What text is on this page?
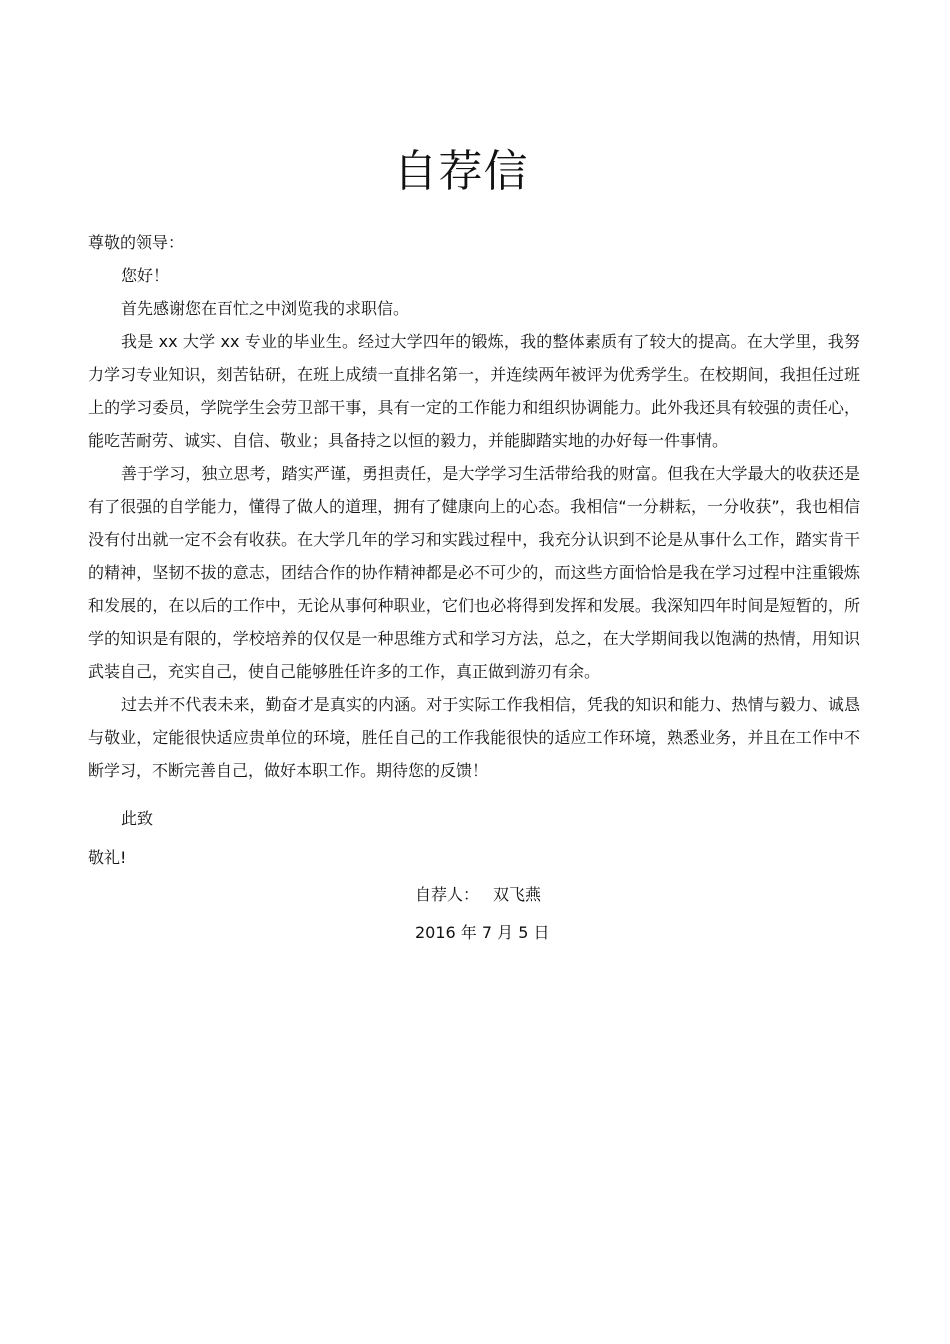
自荐信

尊敬的领导：

您好！

首先感谢您在百忙之中浏览我的求职信。

我是 xx 大学 xx 专业的毕业生。经过大学四年的锻炼，我的整体素质有了较大的提高。在大学里，我努力学习专业知识，刻苦钻研，在班上成绩一直排名第一，并连续两年被评为优秀学生。在校期间，我担任过班上的学习委员，学院学生会劳卫部干事，具有一定的工作能力和组织协调能力。此外我还具有较强的责任心，能吃苦耐劳、诚实、自信、敬业；具备持之以恒的毅力，并能脚踏实地的办好每一件事情。

善于学习，独立思考，踏实严谨，勇担责任，是大学学习生活带给我的财富。但我在大学最大的收获还是有了很强的自学能力，懂得了做人的道理，拥有了健康向上的心态。我相信“一分耕耘，一分收获”，我也相信没有付出就一定不会有收获。在大学几年的学习和实践过程中，我充分认识到不论是从事什么工作，踏实肯干的精神，坚韧不拔的意志，团结合作的协作精神都是必不可少的，而这些方面恰恰是我在学习过程中注重锻炼和发展的，在以后的工作中，无论从事何种职业，它们也必将得到发挥和发展。我深知四年时间是短暂的，所学的知识是有限的，学校培养的仅仅是一种思维方式和学习方法，总之，在大学期间我以饱满的热情，用知识武装自己，充实自己，使自己能够胜任许多的工作，真正做到游刃有余。

过去并不代表未来，勤奋才是真实的内涵。对于实际工作我相信，凭我的知识和能力、热情与毅力、诚恳与敬业，定能很快适应贵单位的环境，胜任自己的工作我能很快的适应工作环境，熟悉业务，并且在工作中不断学习，不断完善自己，做好本职工作。期待您的反馈！

此致
敬礼!
自荐人： 双飞燕
2016 年 7 月 5 日
